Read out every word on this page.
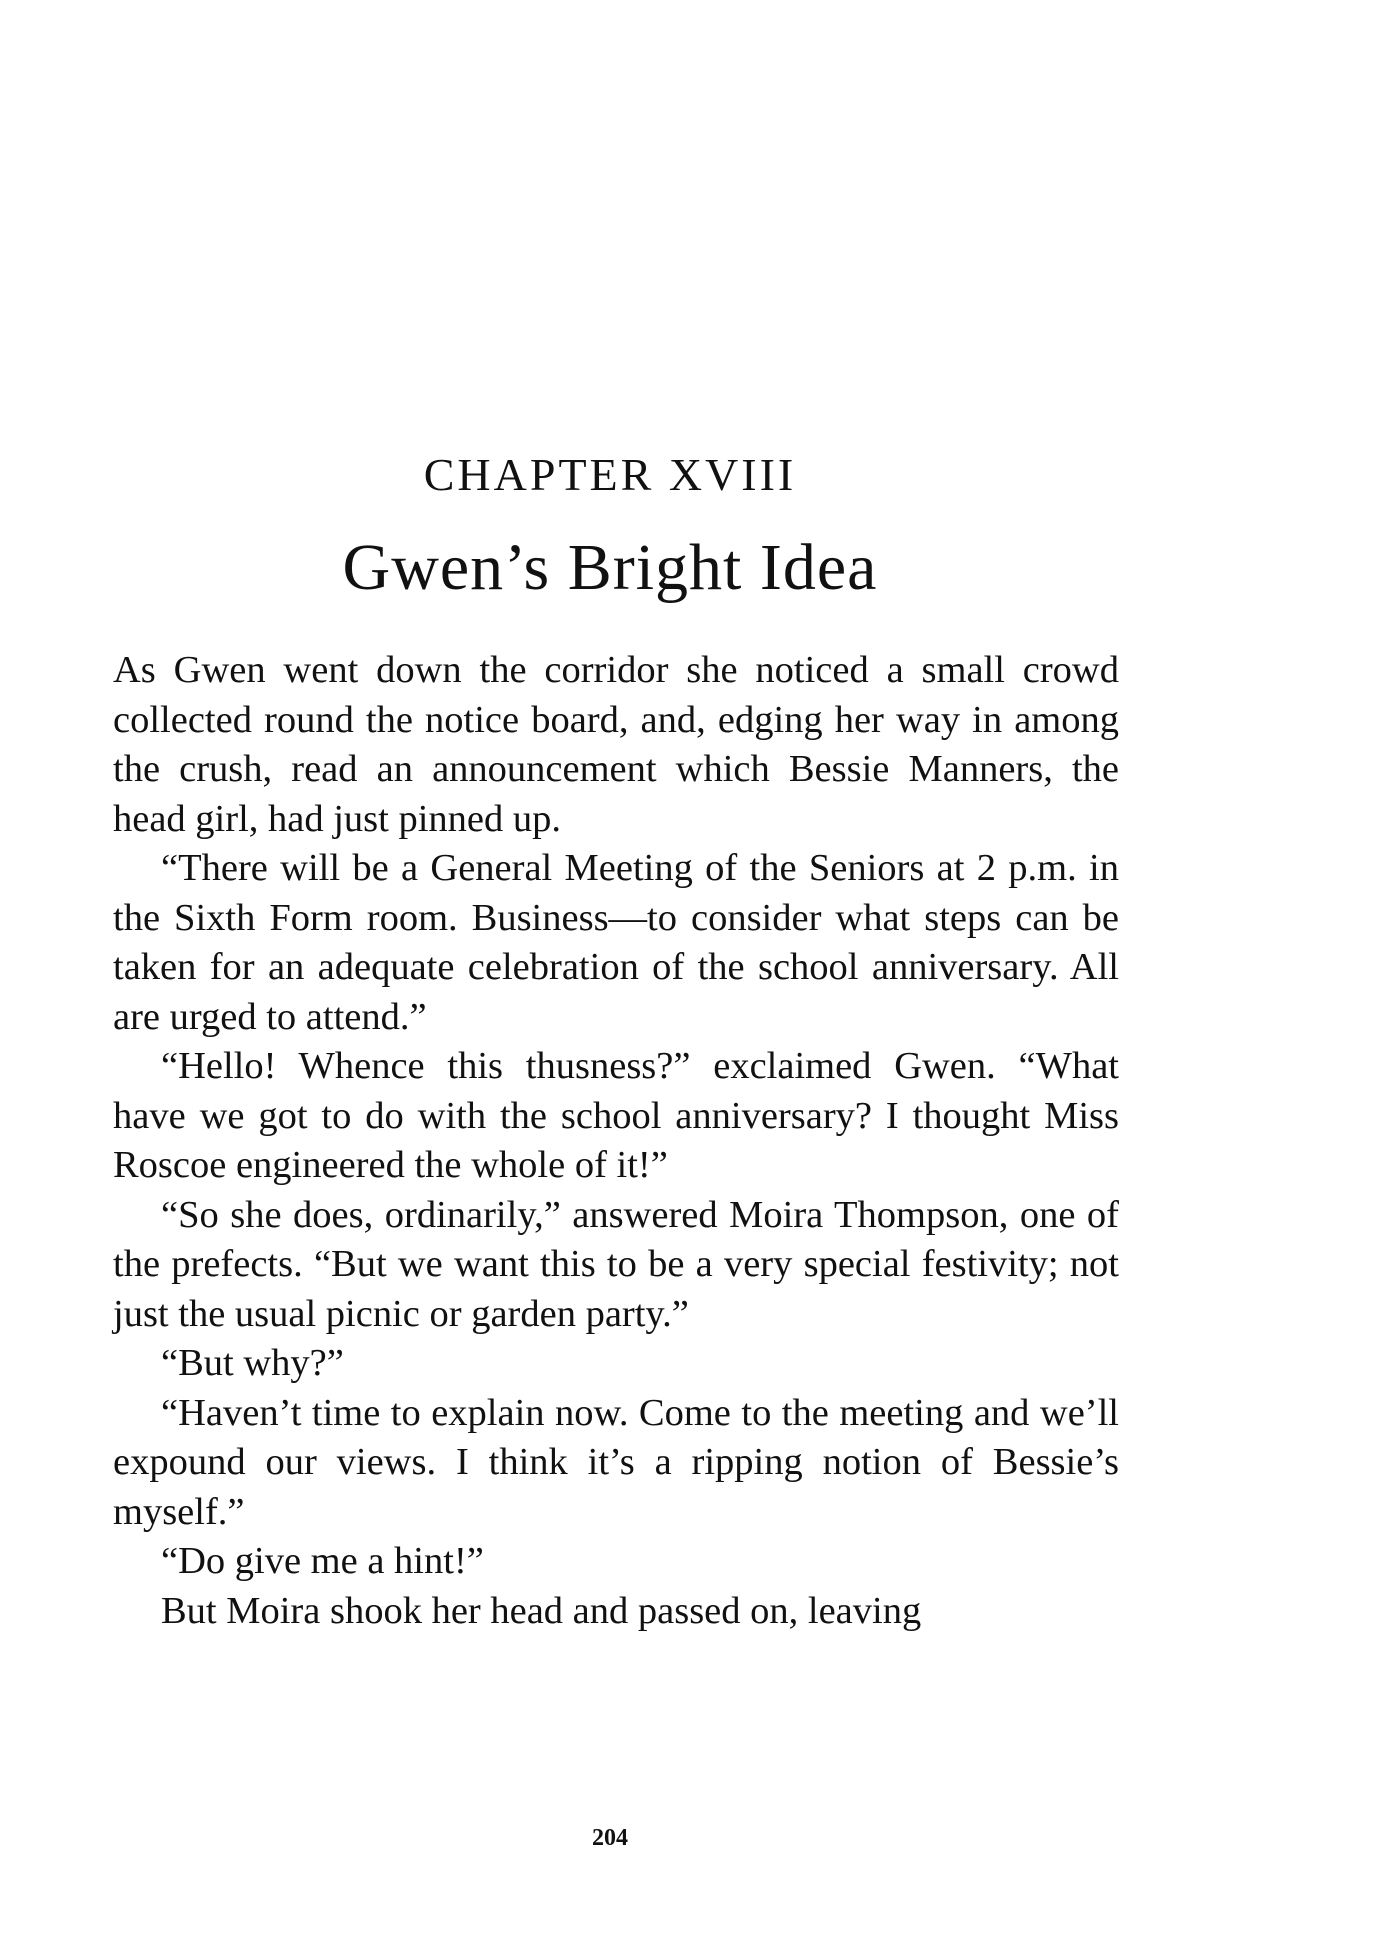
CHAPTER XVIII
Gwen’s Bright Idea

As Gwen went down the corridor she noticed a small crowd collected round the notice board, and, edging her way in among the crush, read an announcement which Bessie Manners, the head girl, had just pinned up.

“There will be a General Meeting of the Seniors at 2 p.m. in the Sixth Form room. Business—to consider what steps can be taken for an adequate celebration of the school anniversary. All are urged to attend.”

“Hello! Whence this thusness?” exclaimed Gwen. “What have we got to do with the school anniversary? I thought Miss Roscoe engineered the whole of it!”

“So she does, ordinarily,” answered Moira Thompson, one of the prefects. “But we want this to be a very special festivity; not just the usual picnic or garden party.”

“But why?”

“Haven’t time to explain now. Come to the meeting and we’ll expound our views. I think it’s a ripping notion of Bessie’s myself.”

“Do give me a hint!”

But Moira shook her head and passed on, leaving

204
